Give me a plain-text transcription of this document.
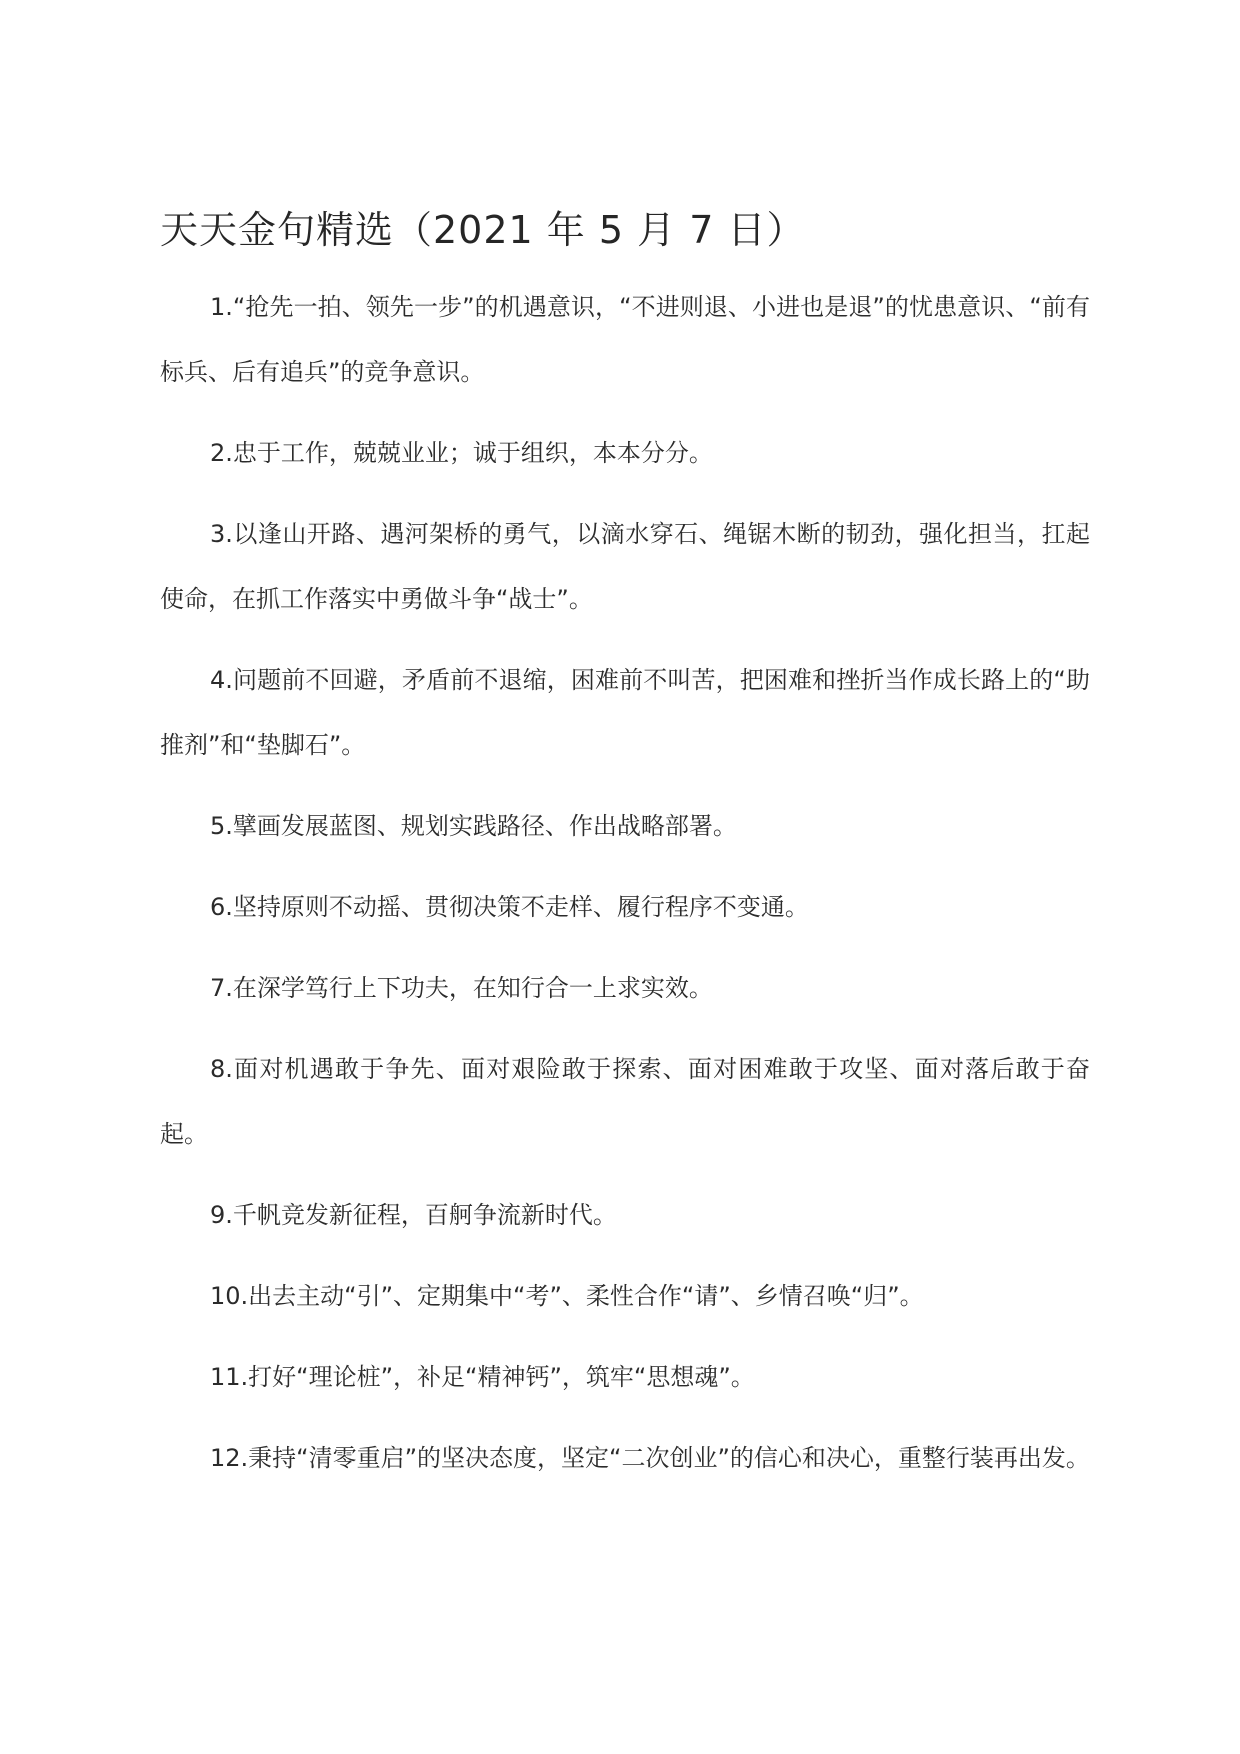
天天金句精选（2021 年 5 月 7 日）

1.“抢先一拍、领先一步”的机遇意识，“不进则退、小进也是退”的忧患意识、“前有标兵、后有追兵”的竞争意识。

2.忠于工作，兢兢业业；诚于组织，本本分分。

3.以逢山开路、遇河架桥的勇气，以滴水穿石、绳锯木断的韧劲，强化担当，扛起使命，在抓工作落实中勇做斗争“战士”。

4.问题前不回避，矛盾前不退缩，困难前不叫苦，把困难和挫折当作成长路上的“助推剂”和“垫脚石”。

5.擘画发展蓝图、规划实践路径、作出战略部署。

6.坚持原则不动摇、贯彻决策不走样、履行程序不变通。

7.在深学笃行上下功夫，在知行合一上求实效。

8.面对机遇敢于争先、面对艰险敢于探索、面对困难敢于攻坚、面对落后敢于奋起。

9.千帆竞发新征程，百舸争流新时代。

10.出去主动“引”、定期集中“考”、柔性合作“请”、乡情召唤“归”。

11.打好“理论桩”，补足“精神钙”，筑牢“思想魂”。

12.秉持“清零重启”的坚决态度，坚定“二次创业”的信心和决心，重整行装再出发。
